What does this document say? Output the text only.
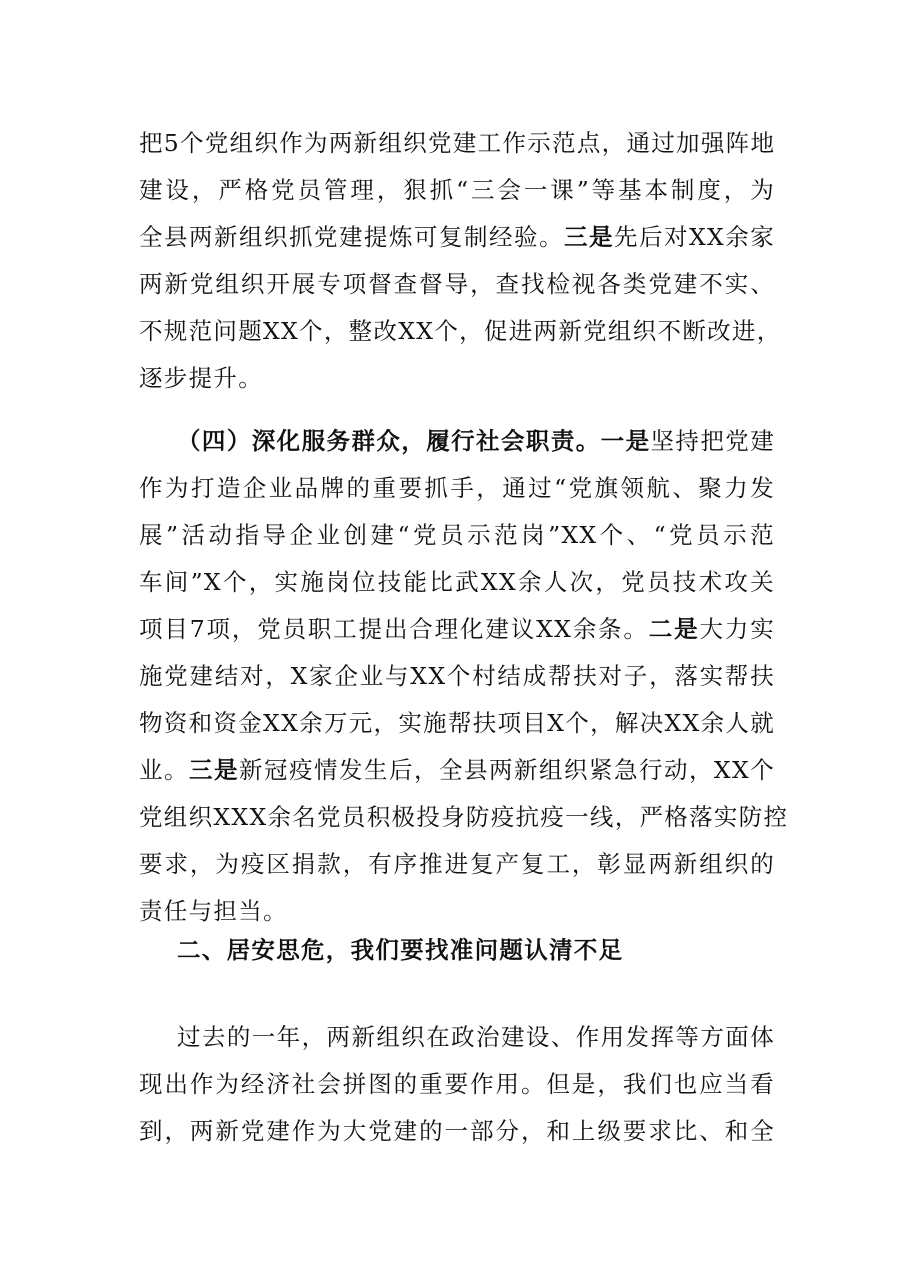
把5个党组织作为两新组织党建工作示范点，通过加强阵地
建设，严格党员管理，狠抓“三会一课”等基本制度，为
全县两新组织抓党建提炼可复制经验。三是先后对XX余家
两新党组织开展专项督查督导，查找检视各类党建不实、
不规范问题XX个，整改XX个，促进两新党组织不断改进，
逐步提升。
（四）深化服务群众，履行社会职责。一是坚持把党建
作为打造企业品牌的重要抓手，通过“党旗领航、聚力发
展”活动指导企业创建“党员示范岗”XX个、“党员示范
车间”X个，实施岗位技能比武XX余人次，党员技术攻关
项目7项，党员职工提出合理化建议XX余条。二是大力实
施党建结对，X家企业与XX个村结成帮扶对子，落实帮扶
物资和资金XX余万元，实施帮扶项目X个，解决XX余人就
业。三是新冠疫情发生后，全县两新组织紧急行动，XX个
党组织XXX余名党员积极投身防疫抗疫一线，严格落实防控
要求，为疫区捐款，有序推进复产复工，彰显两新组织的
责任与担当。
二、居安思危，我们要找准问题认清不足
过去的一年，两新组织在政治建设、作用发挥等方面体
现出作为经济社会拼图的重要作用。但是，我们也应当看
到，两新党建作为大党建的一部分，和上级要求比、和全
